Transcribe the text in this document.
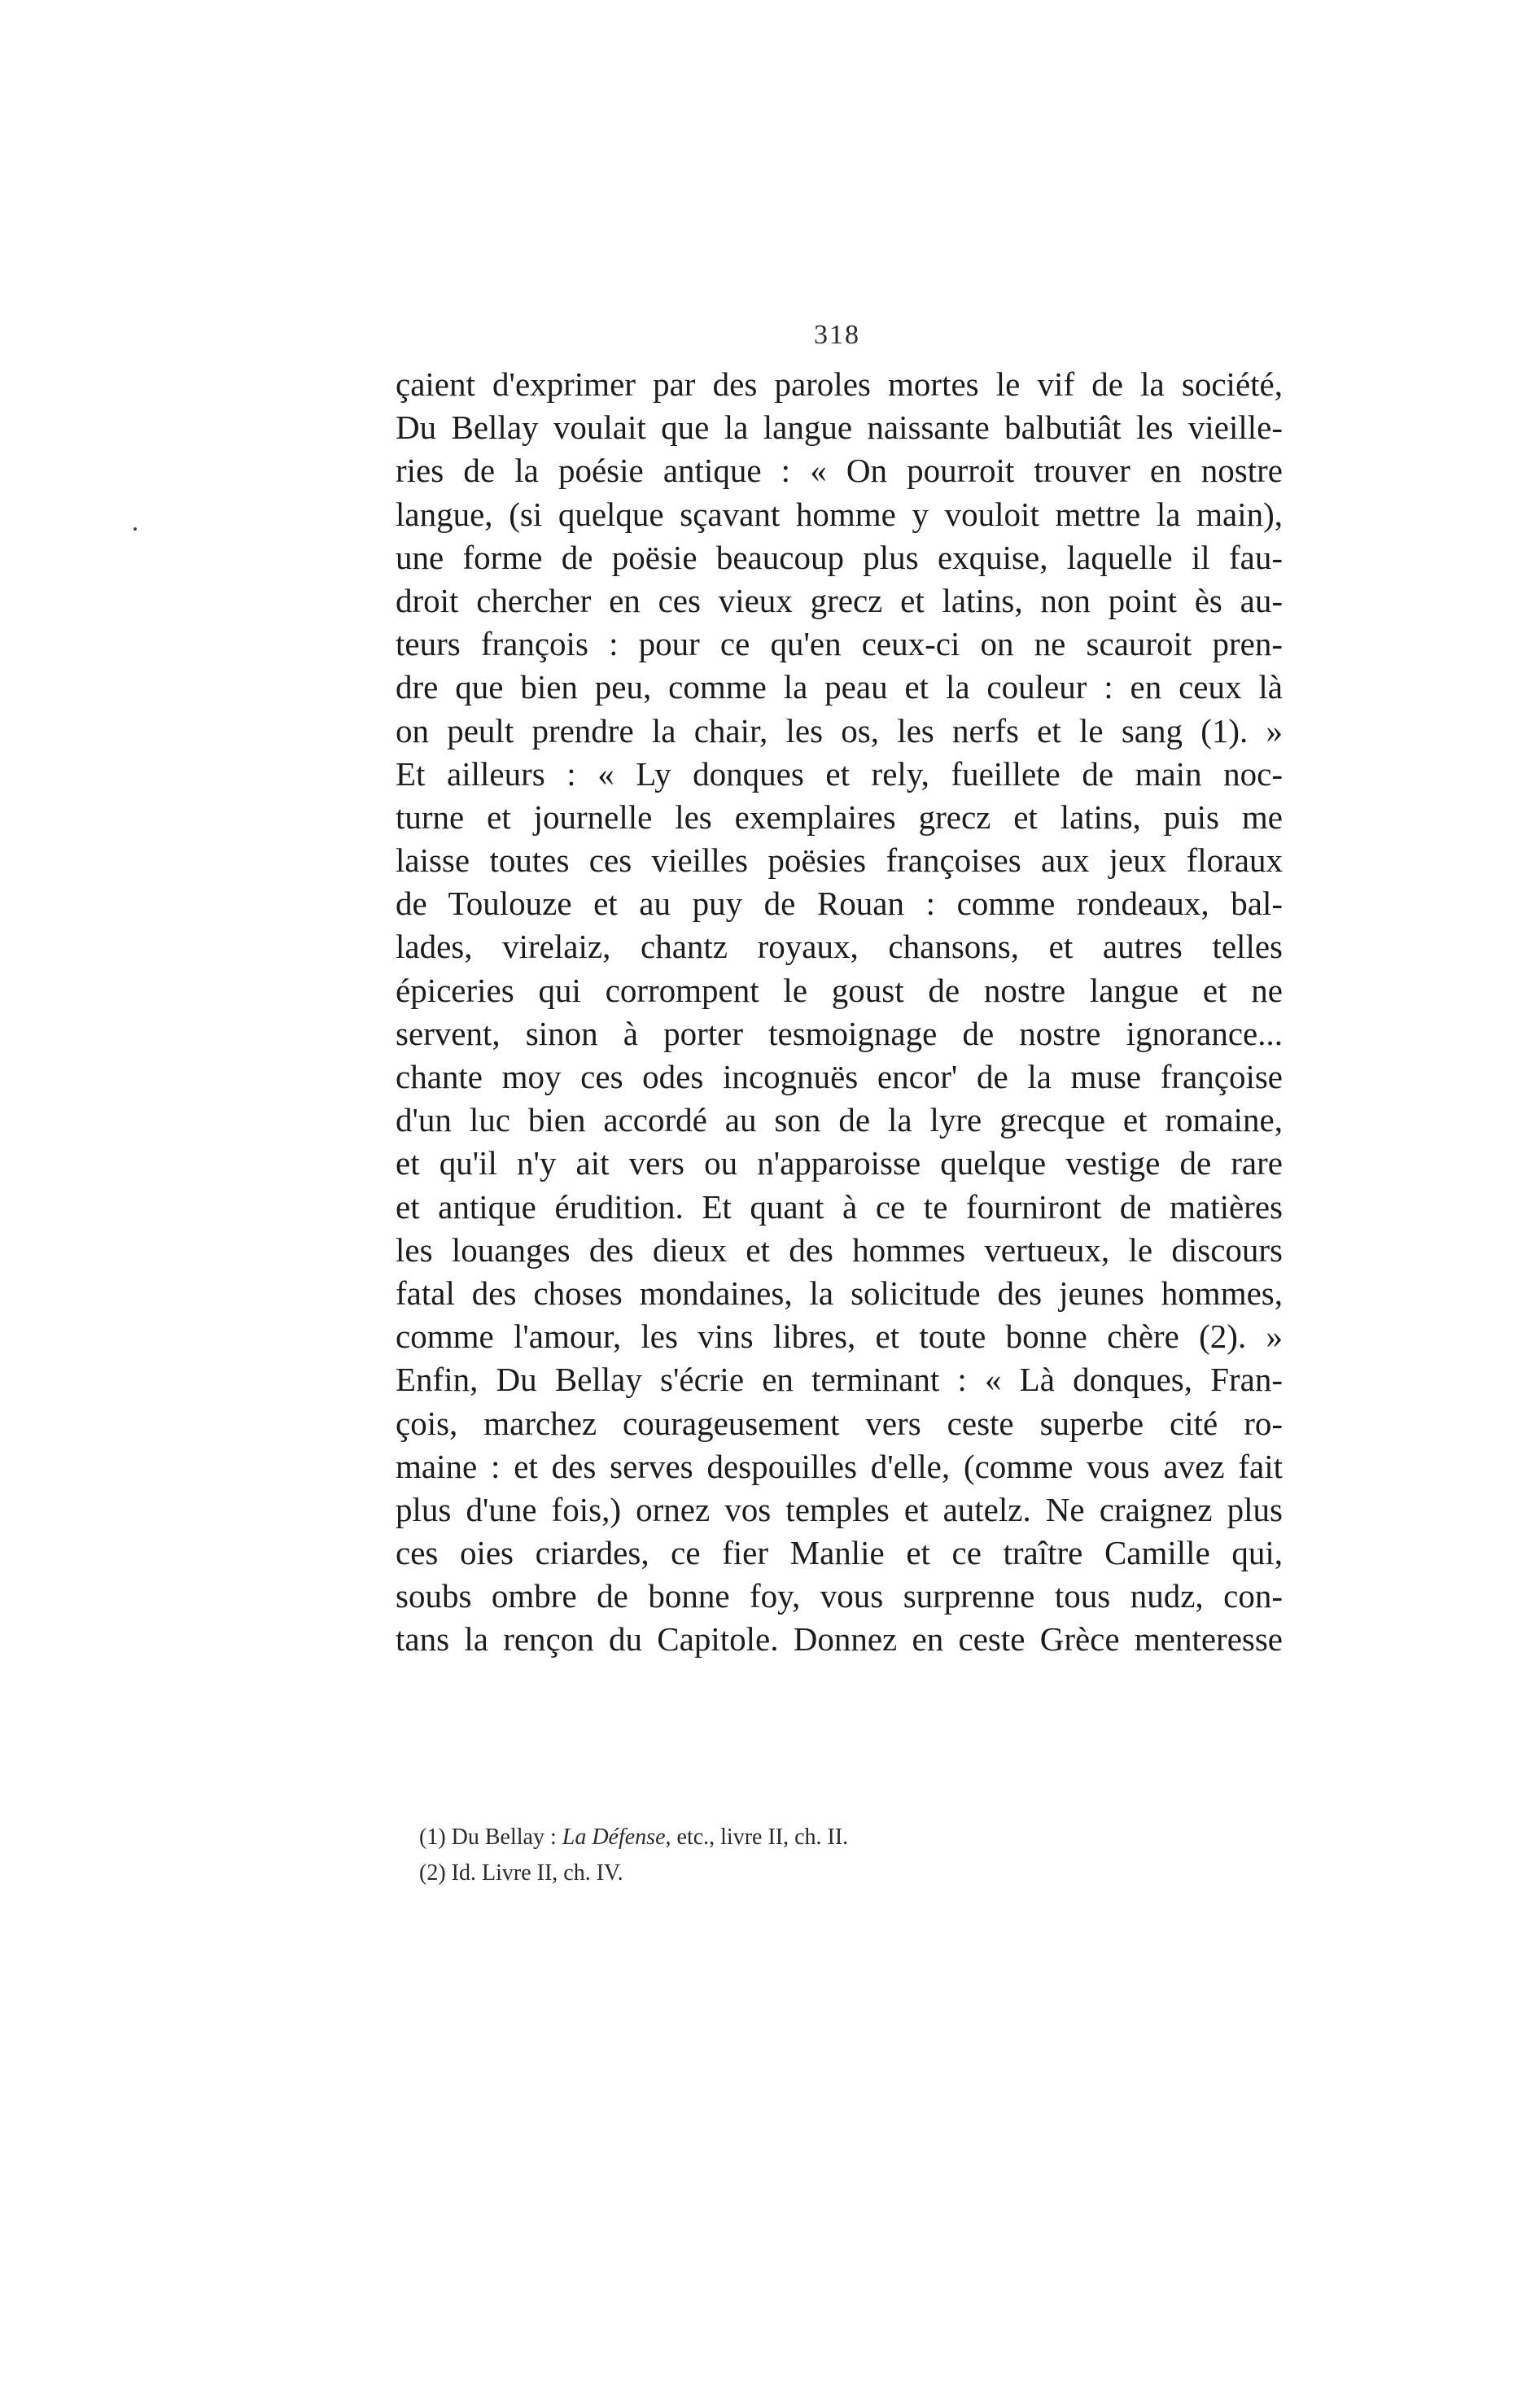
318
çaient d'exprimer par des paroles mortes le vif de la société,
Du Bellay voulait que la langue naissante balbutiât les vieille-
ries de la poésie antique : « On pourroit trouver en nostre
langue, (si quelque sçavant homme y vouloit mettre la main),
une forme de poësie beaucoup plus exquise, laquelle il fau-
droit chercher en ces vieux grecz et latins, non point ès au-
teurs françois : pour ce qu'en ceux-ci on ne scauroit pren-
dre que bien peu, comme la peau et la couleur : en ceux là
on peult prendre la chair, les os, les nerfs et le sang (1). »
Et ailleurs : « Ly donques et rely, fueillete de main noc-
turne et journelle les exemplaires grecz et latins, puis me
laisse toutes ces vieilles poësies françoises aux jeux floraux
de Toulouze et au puy de Rouan : comme rondeaux, bal-
lades, virelaiz, chantz royaux, chansons, et autres telles
épiceries qui corrompent le goust de nostre langue et ne
servent, sinon à porter tesmoignage de nostre ignorance...
chante moy ces odes incognuës encor' de la muse françoise
d'un luc bien accordé au son de la lyre grecque et romaine,
et qu'il n'y ait vers ou n'apparoisse quelque vestige de rare
et antique érudition. Et quant à ce te fourniront de matières
les louanges des dieux et des hommes vertueux, le discours
fatal des choses mondaines, la solicitude des jeunes hommes,
comme l'amour, les vins libres, et toute bonne chère (2). »
Enfin, Du Bellay s'écrie en terminant : « Là donques, Fran-
çois, marchez courageusement vers ceste superbe cité ro-
maine : et des serves despouilles d'elle, (comme vous avez fait
plus d'une fois,) ornez vos temples et autelz. Ne craignez plus
ces oies criardes, ce fier Manlie et ce traître Camille qui,
soubs ombre de bonne foy, vous surprenne tous nudz, con-
tans la rençon du Capitole. Donnez en ceste Grèce menteresse
(1) Du Bellay : La Défense, etc., livre II, ch. II.
(2) Id. Livre II, ch. IV.
